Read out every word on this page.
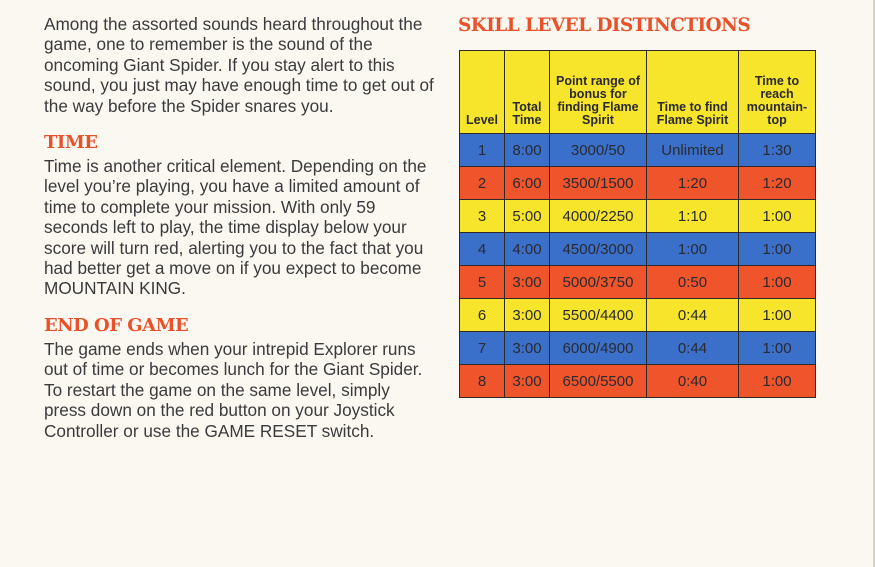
Among the assorted sounds heard throughout the game, one to remember is the sound of the oncoming Giant Spider. If you stay alert to this sound, you just may have enough time to get out of the way before the Spider snares you.

TIME

Time is another critical element. Depending on the level you’re playing, you have a limited amount of time to complete your mission. With only 59 seconds left to play, the time display below your score will turn red, alerting you to the fact that you had better get a move on if you expect to become MOUNTAIN KING.

END OF GAME

The game ends when your intrepid Explorer runs out of time or becomes lunch for the Giant Spider. To restart the game on the same level, simply press down on the red button on your Joystick Controller or use the GAME RESET switch.

SKILL LEVEL DISTINCTIONS
Level	Total Time	Point range of bonus for finding Flame Spirit	Time to find Flame Spirit	Time to reach mountain-top
1	8:00	3000/50	Unlimited	1:30
2	6:00	3500/1500	1:20	1:20
3	5:00	4000/2250	1:10	1:00
4	4:00	4500/3000	1:00	1:00
5	3:00	5000/3750	0:50	1:00
6	3:00	5500/4400	0:44	1:00
7	3:00	6000/4900	0:44	1:00
8	3:00	6500/5500	0:40	1:00
